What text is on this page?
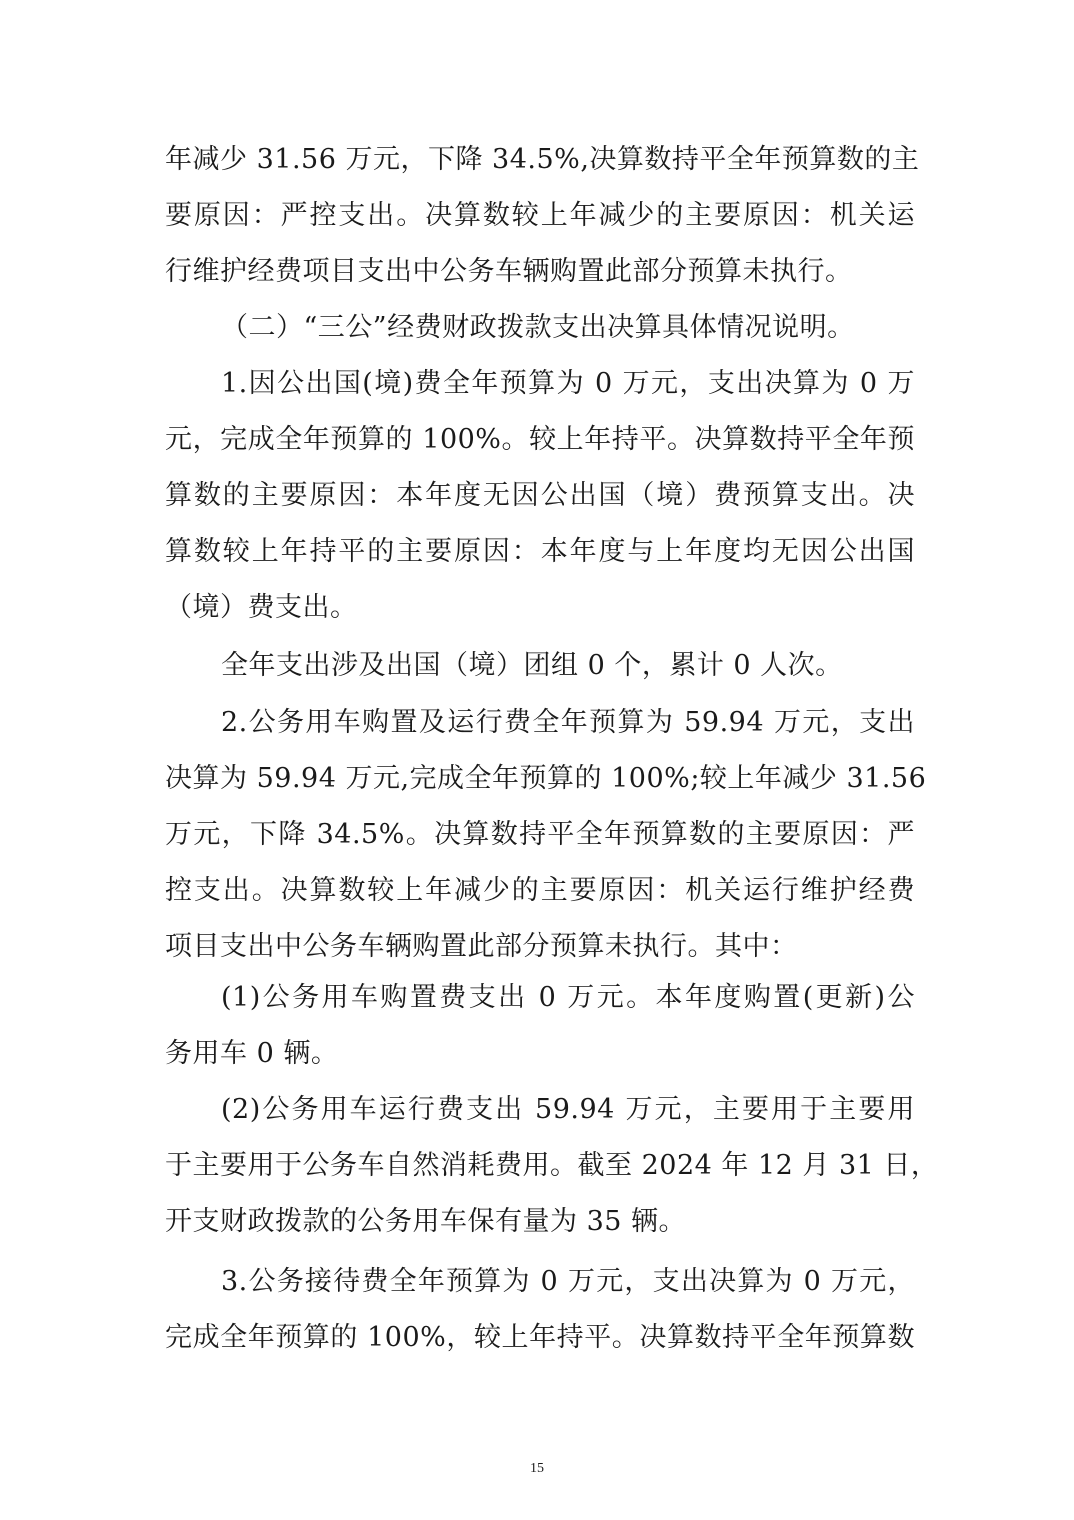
年减少 31.56 万元，下降 34.5%,决算数持平全年预算数的主
要原因：严控支出。决算数较上年减少的主要原因：机关运
行维护经费项目支出中公务车辆购置此部分预算未执行。
（二）“三公”经费财政拨款支出决算具体情况说明。
1.因公出国(境)费全年预算为 0 万元，支出决算为 0 万
元，完成全年预算的 100%。较上年持平。决算数持平全年预
算数的主要原因：本年度无因公出国（境）费预算支出。决
算数较上年持平的主要原因：本年度与上年度均无因公出国
（境）费支出。
全年支出涉及出国（境）团组 0 个，累计 0 人次。
2.公务用车购置及运行费全年预算为 59.94 万元，支出
决算为 59.94 万元,完成全年预算的 100%;较上年减少 31.56
万元，下降 34.5%。决算数持平全年预算数的主要原因：严
控支出。决算数较上年减少的主要原因：机关运行维护经费
项目支出中公务车辆购置此部分预算未执行。其中：
(1)公务用车购置费支出 0 万元。本年度购置(更新)公
务用车 0 辆。
(2)公务用车运行费支出 59.94 万元，主要用于主要用
于主要用于公务车自然消耗费用。截至 2024 年 12 月 31 日，
开支财政拨款的公务用车保有量为 35 辆。
3.公务接待费全年预算为 0 万元，支出决算为 0 万元，
完成全年预算的 100%，较上年持平。决算数持平全年预算数
15
